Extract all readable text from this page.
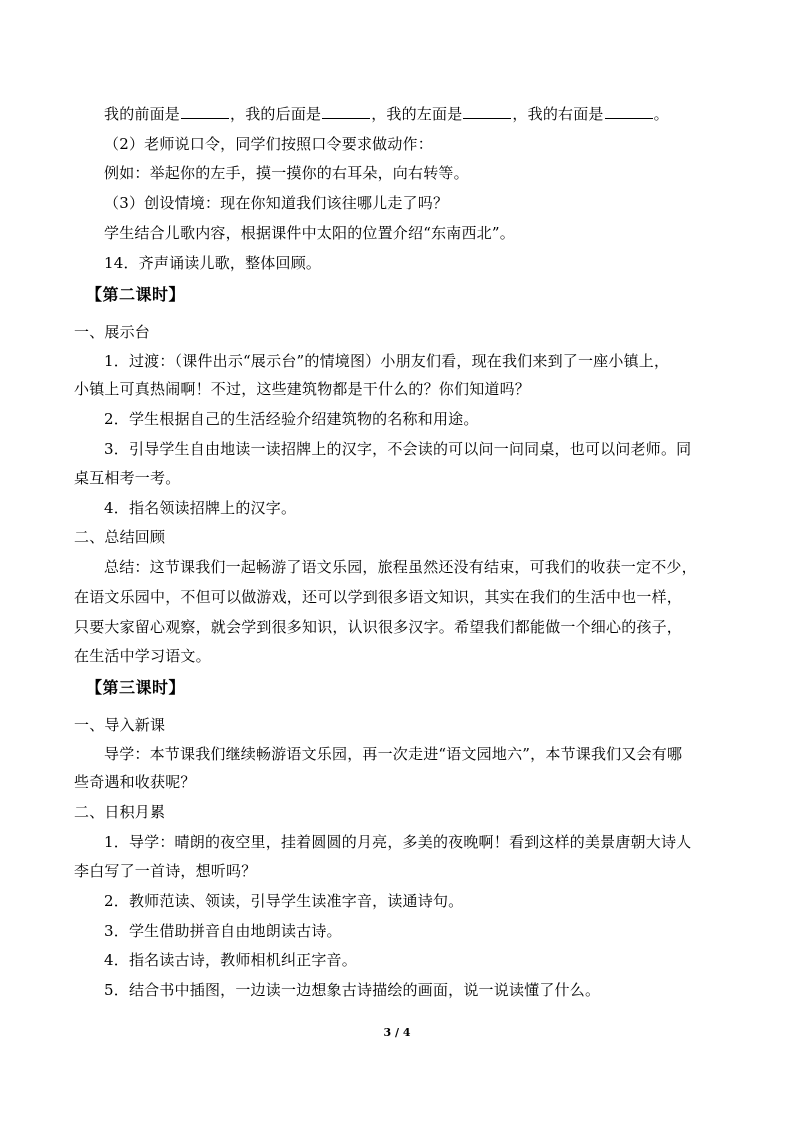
我的前面是	，我的后面是	，我的左面是	，我的右面是	。
（2）老师说口令，同学们按照口令要求做动作：
例如：举起你的左手，摸一摸你的右耳朵，向右转等。
（3）创设情境：现在你知道我们该往哪儿走了吗？
学生结合儿歌内容，根据课件中太阳的位置介绍“东南西北”。
14．齐声诵读儿歌，整体回顾。
【第二课时】
一、展示台
1．过渡：（课件出示“展示台”的情境图）小朋友们看，现在我们来到了一座小镇上，
小镇上可真热闹啊！不过，这些建筑物都是干什么的？你们知道吗？
2．学生根据自己的生活经验介绍建筑物的名称和用途。
3．引导学生自由地读一读招牌上的汉字，不会读的可以问一问同桌，也可以问老师。同
桌互相考一考。
4．指名领读招牌上的汉字。
二、总结回顾
总结：这节课我们一起畅游了语文乐园，旅程虽然还没有结束，可我们的收获一定不少，
在语文乐园中，不但可以做游戏，还可以学到很多语文知识，其实在我们的生活中也一样，
只要大家留心观察，就会学到很多知识，认识很多汉字。希望我们都能做一个细心的孩子，
在生活中学习语文。
【第三课时】
一、导入新课
导学：本节课我们继续畅游语文乐园，再一次走进“语文园地六”，本节课我们又会有哪
些奇遇和收获呢？
二、日积月累
1．导学：晴朗的夜空里，挂着圆圆的月亮，多美的夜晚啊！看到这样的美景唐朝大诗人
李白写了一首诗，想听吗？
2．教师范读、领读，引导学生读准字音，读通诗句。
3．学生借助拼音自由地朗读古诗。
4．指名读古诗，教师相机纠正字音。
5．结合书中插图，一边读一边想象古诗描绘的画面，说一说读懂了什么。
3 / 4
